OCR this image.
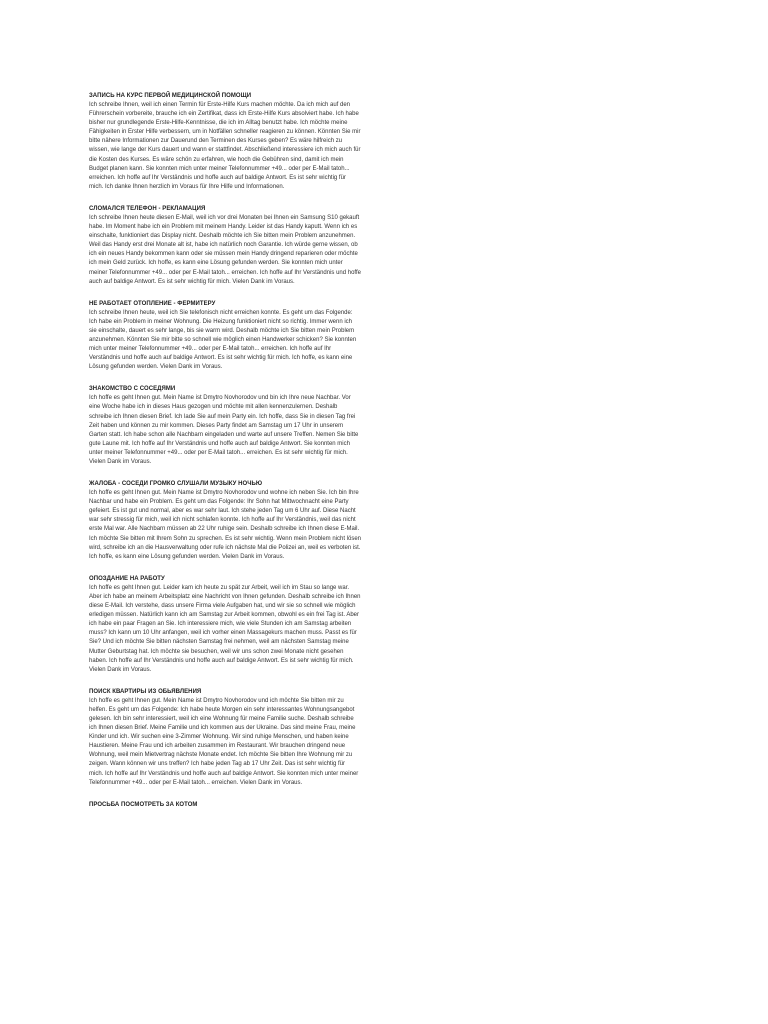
ЗАПИСЬ НА КУРС ПЕРВОЙ МЕДИЦИНСКОЙ ПОМОЩИ

Ich schreibe Ihnen, weil ich einen Termin für Erste-Hilfe Kurs machen möchte. Da ich mich auf den Führerschein vorbereite, brauche ich ein Zertifikat, dass ich Erste-Hilfe Kurs absolviert habe. Ich habe bisher nur grundlegende Erste-Hilfe-Kenntnisse, die ich im Alltag benutzt habe. Ich möchte meine Fähigkeiten in Erster Hilfe verbessern, um in Notfällen schneller reagieren zu können. Könnten Sie mir bitte nähere Informationen zur Dauerund den Terminen des Kurses geben? Es wäre hilfreich zu wissen, wie lange der Kurs dauert und wann er stattfindet. Abschließend interessiere ich mich auch für die Kosten des Kurses. Es wäre schön zu erfahren, wie hoch die Gebühren sind, damit ich mein Budget planen kann. Sie konnten mich unter meiner Telefonnummer +49... oder per E-Mail tatoh... erreichen. Ich hoffe auf Ihr Verständnis und hoffe auch auf baldige Antwort. Es ist sehr wichtig für mich. Ich danke Ihnen herzlich im Voraus für Ihre Hilfe und Informationen.

СЛОМАЛСЯ ТЕЛЕФОН - РЕКЛАМАЦИЯ

Ich schreibe Ihnen heute diesen E-Mail, weil ich vor drei Monaten bei Ihnen ein Samsung S10 gekauft habe. Im Moment habe ich ein Problem mit meinem Handy. Leider ist das Handy kaputt. Wenn ich es einschalte, funktioniert das Display nicht. Deshalb möchte ich Sie bitten mein Problem anzunehmen. Weil das Handy erst drei Monate alt ist, habe ich natürlich noch Garantie. Ich würde gerne wissen, ob ich ein neues Handy bekommen kann oder sie müssen mein Handy dringend reparieren oder möchte ich mein Geld zurück. Ich hoffe, es kann eine Lösung gefunden werden. Sie konnten mich unter meiner Telefonnummer +49... oder per E-Mail tatoh... erreichen. Ich hoffe auf Ihr Verständnis und hoffe auch auf baldige Antwort. Es ist sehr wichtig für mich. Vielen Dank im Voraus.

НЕ РАБОТАЕТ ОТОПЛЕНИЕ - ФЕРМИТЕРУ

Ich schreibe Ihnen heute, weil ich Sie telefonisch nicht erreichen konnte. Es geht um das Folgende: Ich habe ein Problem in meiner Wohnung. Die Heizung funktioniert nicht so richtig. Immer wenn ich sie einschalte, dauert es sehr lange, bis sie warm wird. Deshalb möchte ich Sie bitten mein Problem anzunehmen. Könnten Sie mir bitte so schnell wie möglich einen Handwerker schicken? Sie konnten mich unter meiner Telefonnummer +49... oder per E-Mail tatoh... erreichen. Ich hoffe auf Ihr Verständnis und hoffe auch auf baldige Antwort. Es ist sehr wichtig für mich. Ich hoffe, es kann eine Lösung gefunden werden. Vielen Dank im Voraus.

ЗНАКОМСТВО С СОСЕДЯМИ

Ich hoffe es geht Ihnen gut. Mein Name ist Dmytro Novhorodov und bin ich Ihre neue Nachbar. Vor eine Woche habe ich in dieses Haus gezogen und möchte mit allen kennenzulernen. Deshalb schreibe ich Ihnen diesen Brief. Ich lade Sie auf mein Party ein. Ich hoffe, dass Sie in diesen Tag frei Zeit haben und können zu mir kommen. Dieses Party findet am Samstag um 17 Uhr in unserem Garten statt. Ich habe schon alle Nachbarn eingeladen und warte auf unsere Treffen. Nemen Sie bitte gute Laune mit. Ich hoffe auf Ihr Verständnis und hoffe auch auf baldige Antwort. Sie konnten mich unter meiner Telefonnummer +49... oder per E-Mail tatoh... erreichen. Es ist sehr wichtig für mich. Vielen Dank im Voraus.

ЖАЛОБА - СОСЕДИ ГРОМКО СЛУШАЛИ МУЗЫКУ НОЧЬЮ

Ich hoffe es geht Ihnen gut. Mein Name ist Dmytro Novhorodov und wohne ich neben Sie. Ich bin Ihre Nachbar und habe ein Problem. Es geht um das Folgende: Ihr Sohn hat Mittwochnacht eine Party gefeiert. Es ist gut und normal, aber es war sehr laut. Ich stehe jeden Tag um 6 Uhr auf. Diese Nacht war sehr stressig für mich, weil ich nicht schlafen konnte. Ich hoffe auf Ihr Verständnis, weil das nicht erste Mal war. Alle Nachbarn müssen ab 22 Uhr ruhige sein. Deshalb schreibe ich Ihnen diese E-Mail. Ich möchte Sie bitten mit Ihrem Sohn zu sprechen. Es ist sehr wichtig. Wenn mein Problem nicht lösen wird, schreibe ich an die Hausverwaltung oder rufe ich nächste Mal die Polizei an, weil es verboten ist. Ich hoffe, es kann eine Lösung gefunden werden. Vielen Dank im Voraus.

ОПОЗДАНИЕ НА РАБОТУ

Ich hoffe es geht Ihnen gut. Leider kam ich heute zu spät zur Arbeit, weil ich im Stau so lange war. Aber ich habe an meinem Arbeitsplatz eine Nachricht von Ihnen gefunden. Deshalb schreibe ich Ihnen diese E-Mail. Ich verstehe, dass unsere Firma viele Aufgaben hat, und wir sie so schnell wie möglich erledigen müssen. Natürlich kann ich am Samstag zur Arbeit kommen, obwohl es ein frei Tag ist. Aber ich habe ein paar Fragen an Sie. Ich interessiere mich, wie viele Stunden ich am Samstag arbeiten muss? Ich kann um 10 Uhr anfangen, weil ich vorher einen Massagekurs machen muss. Passt es für Sie? Und ich möchte Sie bitten nächsten Samstag frei nehmen, weil am nächsten Samstag meine Mutter Geburtstag hat. Ich möchte sie besuchen, weil wir uns schon zwei Monate nicht gesehen haben. Ich hoffe auf Ihr Verständnis und hoffe auch auf baldige Antwort. Es ist sehr wichtig für mich. Vielen Dank im Voraus.

ПОИСК КВАРТИРЫ ИЗ ОБЬЯВЛЕНИЯ

Ich hoffe es geht Ihnen gut. Mein Name ist Dmytro Novhorodov und ich möchte Sie bitten mir zu helfen. Es geht um das Folgende: Ich habe heute Morgen ein sehr interessantes Wohnungsangebot gelesen. Ich bin sehr interessiert, weil ich eine Wohnung für meine Familie suche. Deshalb schreibe ich Ihnen diesen Brief. Meine Familie und ich kommen aus der Ukraine. Das sind meine Frau, meine Kinder und ich. Wir suchen eine 3-Zimmer Wohnung. Wir sind ruhige Menschen, und haben keine Haustieren. Meine Frau und ich arbeiten zusammen im Restaurant. Wir brauchen dringend neue Wohnung, weil mein Mietvertrag nächste Monate endet. Ich möchte Sie bitten Ihre Wohnung mir zu zeigen. Wann können wir uns treffen? Ich habe jeden Tag ab 17 Uhr Zeit. Das ist sehr wichtig für mich. Ich hoffe auf Ihr Verständnis und hoffe auch auf baldige Antwort. Sie konnten mich unter meiner Telefonnummer +49... oder per E-Mail tatoh... erreichen. Vielen Dank im Voraus.

ПРОСЬБА ПОСМОТРЕТЬ ЗА КОТОМ
